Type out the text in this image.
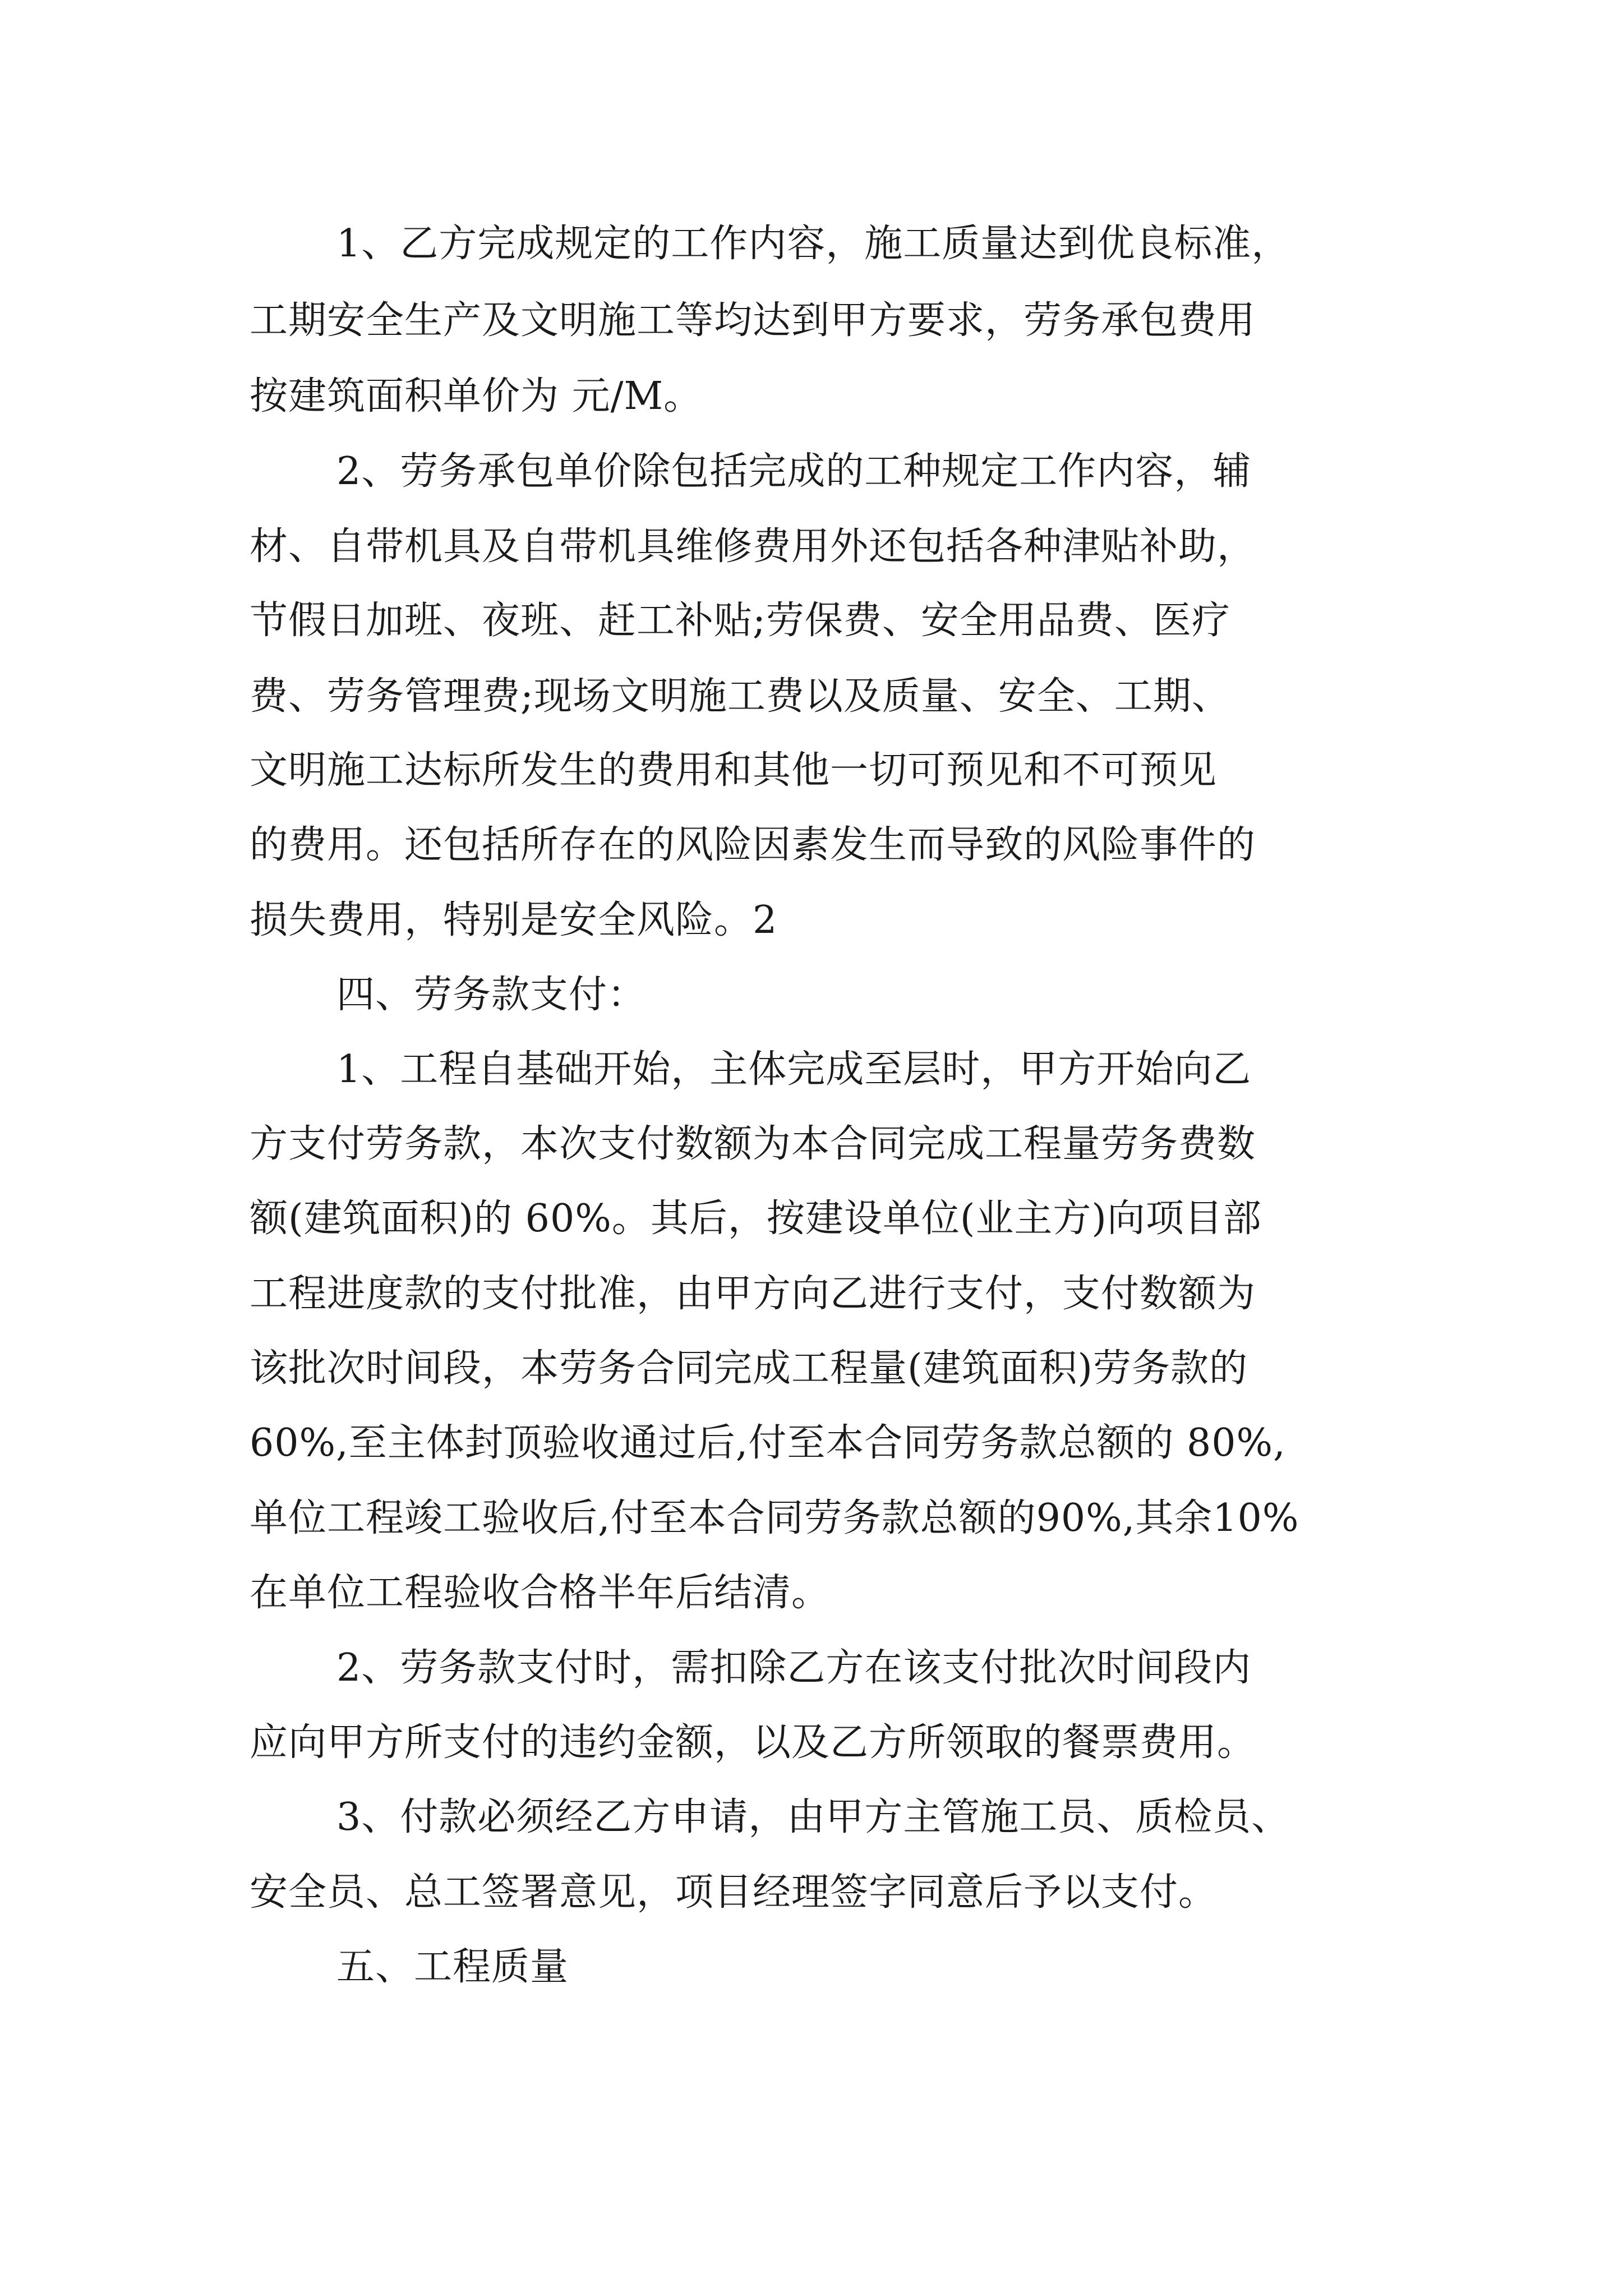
1、乙方完成规定的工作内容，施工质量达到优良标准，

工期安全生产及文明施工等均达到甲方要求，劳务承包费用

按建筑面积单价为 元/M。

2、劳务承包单价除包括完成的工种规定工作内容，辅

材、自带机具及自带机具维修费用外还包括各种津贴补助，

节假日加班、夜班、赶工补贴;劳保费、安全用品费、医疗

费、劳务管理费;现场文明施工费以及质量、安全、工期、

文明施工达标所发生的费用和其他一切可预见和不可预见

的费用。还包括所存在的风险因素发生而导致的风险事件的

损失费用，特别是安全风险。2

四、劳务款支付：

1、工程自基础开始，主体完成至层时，甲方开始向乙

方支付劳务款，本次支付数额为本合同完成工程量劳务费数

额(建筑面积)的 60%。其后，按建设单位(业主方)向项目部

工程进度款的支付批准，由甲方向乙进行支付，支付数额为

该批次时间段，本劳务合同完成工程量(建筑面积)劳务款的

60%,至主体封顶验收通过后,付至本合同劳务款总额的 80%,

单位工程竣工验收后,付至本合同劳务款总额的90%,其余10%

在单位工程验收合格半年后结清。

2、劳务款支付时，需扣除乙方在该支付批次时间段内

应向甲方所支付的违约金额，以及乙方所领取的餐票费用。

3、付款必须经乙方申请，由甲方主管施工员、质检员、

安全员、总工签署意见，项目经理签字同意后予以支付。

五、工程质量
